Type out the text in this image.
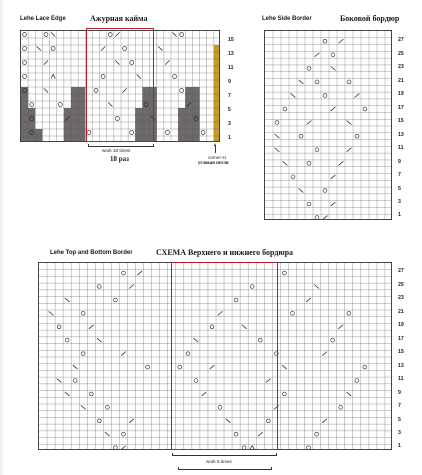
Lehe Lace Edge	Ажурная кайма
15
13
11
9
7
5
3
1
work 18 times
18 раз	corner st
угловая петля
Lehe Side Border	Боковой бордюр
27
25
23
21
19
17
15
13
11
9
7
5
3
1
Lehe Top and Bottom Border	СХЕМА Верхнего и нижнего бордюра
27
25
23
21
19
17
15
13
11
9
7
5
3
1
work 6 times
